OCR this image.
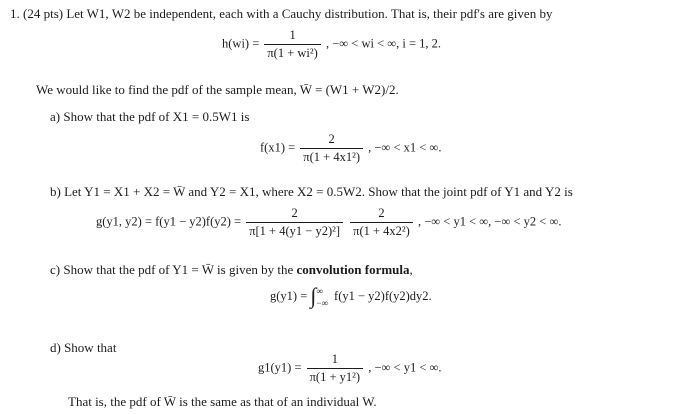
1. (24 pts) Let W1, W2 be independent, each with a Cauchy distribution. That is, their pdf's are given by
$h(wi) = \frac{1}{\text{π(1 + wi²)}}$ , −∞ < wi < ∞, i = 1, 2.
We would like to find the pdf of the sample mean, W̄ = (W1 + W2)/2.
a) Show that the pdf of X1 = 0.5W1 is
$f(x1) = \frac{2}{\text{π(1 + 4x1²)}}$ , −∞ < x1 < ∞.
b) Let Y1 = X1 + X2 = W̄ and Y2 = X1, where X2 = 0.5W2. Show that the joint pdf of Y1 and Y2 is
g(y1, $y2) = f(y1 - y2)f(y2) = \frac{2}{\text{π[1 + 4(y1 − y2)²]}}$
$\frac{2}{\text{π(1 + 4x2²)}}$ , −∞ < y1 < ∞, −∞ < y2 < ∞.
c) Show that the pdf of Y1 = W̄ is given by the convolution formula,
g(y1) = ∫ ∞
−∞
f(y1 − y2)f(y2)dy2.
d) Show that
$g1(y1) = \frac{1}{\text{π(1 + y1²)}}$ , −∞ < y1 < ∞.
That is, the pdf of W̄ is the same as that of an individual W.
